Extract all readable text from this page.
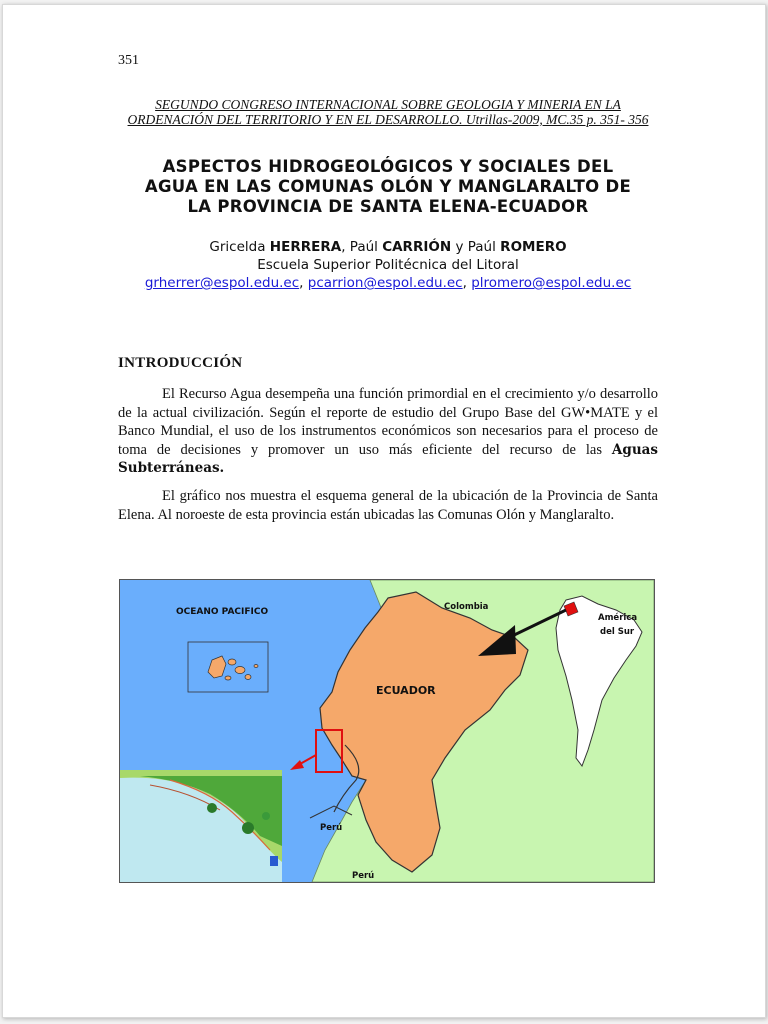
351
SEGUNDO CONGRESO INTERNACIONAL SOBRE GEOLOGIA Y MINERIA EN LA
ORDENACIÓN DEL TERRITORIO Y EN EL DESARROLLO. Utrillas-2009, MC.35 p. 351- 356
ASPECTOS HIDROGEOLÓGICOS Y SOCIALES DEL
AGUA EN LAS COMUNAS OLÓN Y MANGLARALTO DE
LA PROVINCIA DE SANTA ELENA-ECUADOR
Gricelda HERRERA, Paúl CARRIÓN y Paúl ROMERO
Escuela Superior Politécnica del Litoral
grherrer@espol.edu.ec, pcarrion@espol.edu.ec, plromero@espol.edu.ec
INTRODUCCIÓN
El Recurso Agua desempeña una función primordial en el crecimiento y/o desarrollo de la actual civilización. Según el reporte de estudio del Grupo Base del GW•MATE y el Banco Mundial, el uso de los instrumentos económicos son necesarios para el proceso de toma de decisiones y promover un uso más eficiente del recurso de las Aguas Subterráneas.
El gráfico nos muestra el esquema general de la ubicación de la Provincia de Santa Elena. Al noroeste de esta provincia están ubicadas las Comunas Olón y Manglaralto.
OCEANO PACIFICO
ECUADOR
Colombia
Perú
Perú
América
del Sur
